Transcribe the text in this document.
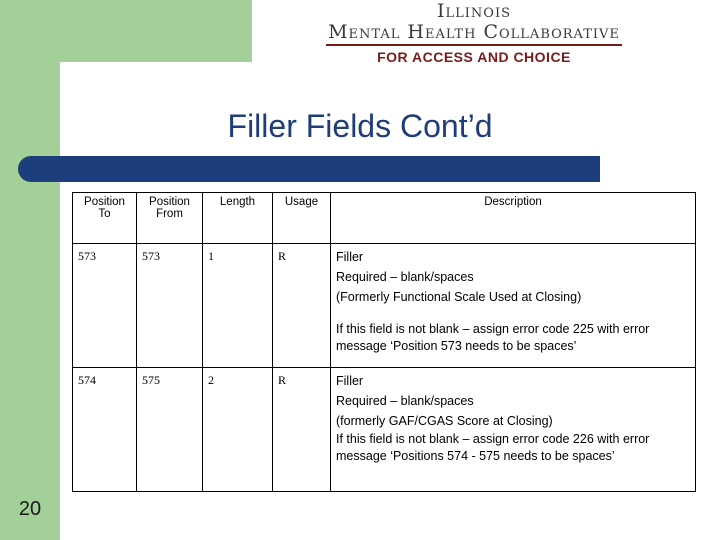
Illinois
Mental Health Collaborative
FOR ACCESS AND CHOICE
Filler Fields Cont’d
Position To	Position From	Length	Usage	Description
573	573	1	R	Filler

Required – blank/spaces

(Formerly Functional Scale Used at Closing)

If this field is not blank – assign error code 225 with error message ‘Position 573 needs to be spaces’

574	575	2	R	Filler

Required – blank/spaces

(formerly GAF/CGAS Score at Closing)

If this field is not blank – assign error code 226 with error message ‘Positions 574 - 575 needs to be spaces’

20
